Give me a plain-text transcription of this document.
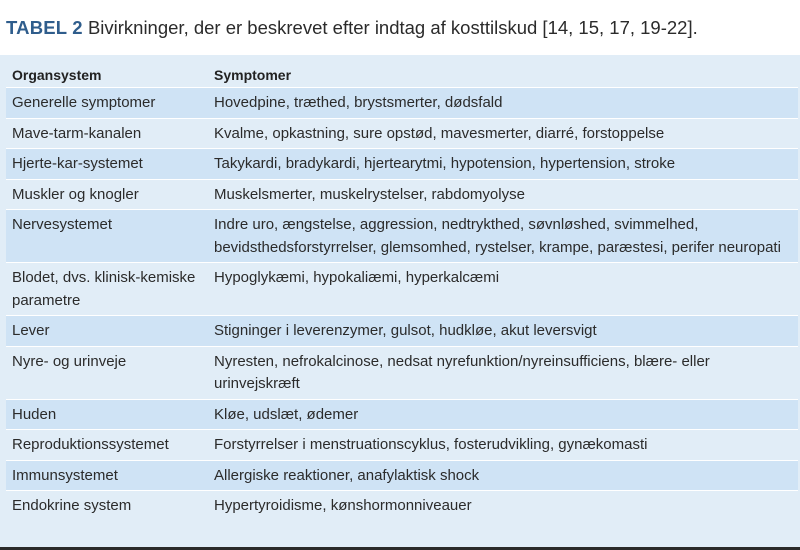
TABEL 2 Bivirkninger, der er beskrevet efter indtag af kosttilskud [14, 15, 17, 19-22].
Organsystem	Symptomer
Generelle symptomer	Hovedpine, træthed, brystsmerter, dødsfald
Mave-tarm-kanalen	Kvalme, opkastning, sure opstød, mavesmerter, diarré, forstoppelse
Hjerte-kar-systemet	Takykardi, bradykardi, hjertearytmi, hypotension, hypertension, stroke
Muskler og knogler	Muskelsmerter, muskelrystelser, rabdomyolyse
Nervesystemet	Indre uro, ængstelse, aggression, nedtrykthed, søvnløshed, svimmelhed, bevidsthedsforstyrrelser, glemsomhed, rystelser, krampe, paræstesi, perifer neuropati
Blodet, dvs. klinisk-kemiske parametre	Hypoglykæmi, hypokaliæmi, hyperkalcæmi
Lever	Stigninger i leverenzymer, gulsot, hudkløe, akut leversvigt
Nyre- og urinveje	Nyresten, nefrokalcinose, nedsat nyrefunktion/nyreinsufficiens, blære- eller urinvejskræft
Huden	Kløe, udslæt, ødemer
Reproduktionssystemet	Forstyrrelser i menstruationscyklus, fosterudvikling, gynækomasti
Immunsystemet	Allergiske reaktioner, anafylaktisk shock
Endokrine system	Hypertyroidisme, kønshormonniveauer
